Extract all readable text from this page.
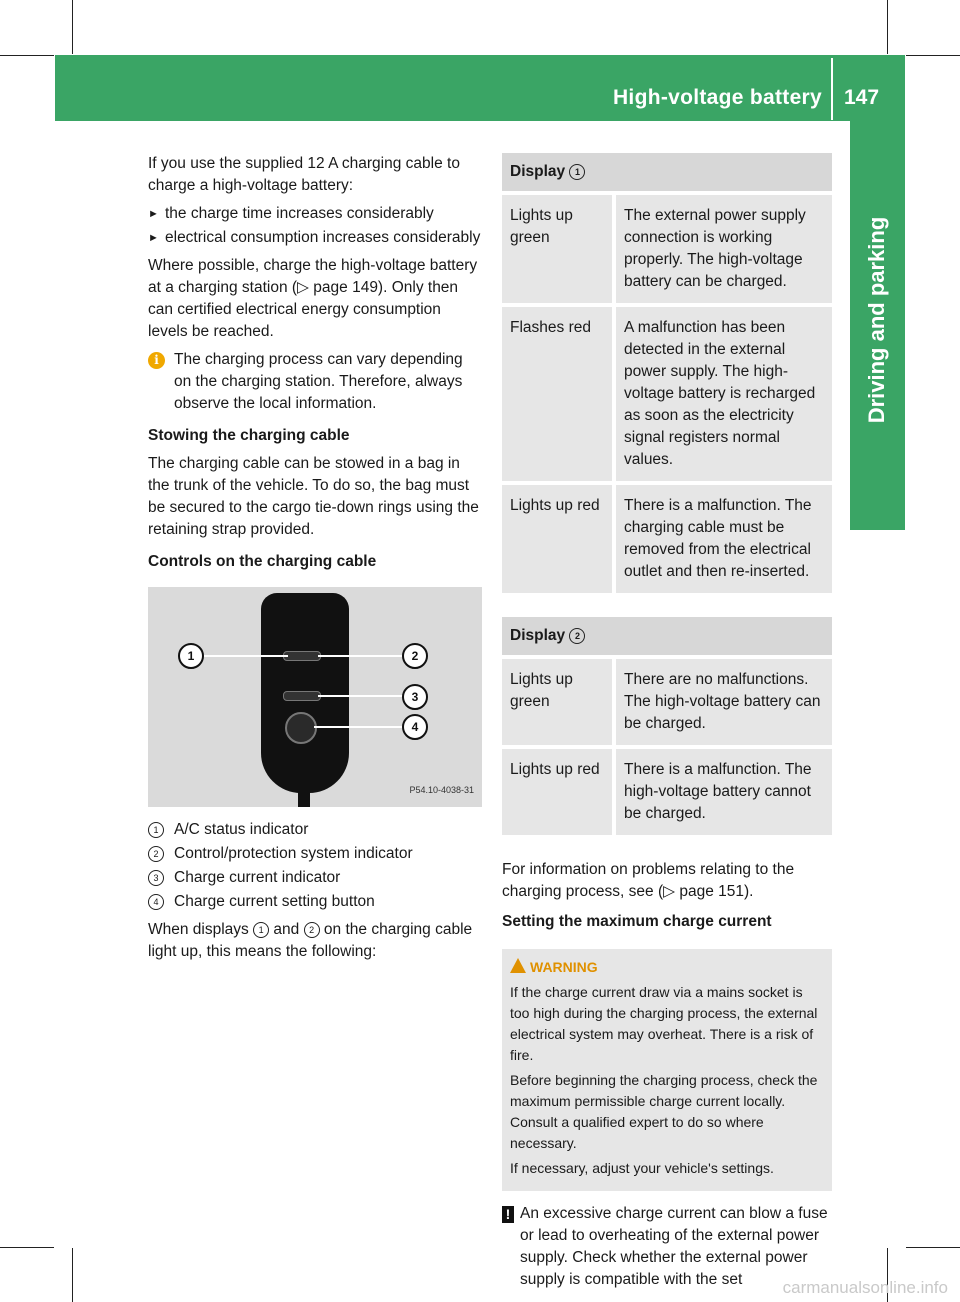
High-voltage battery 147
Driving and parking

If you use the supplied 12 A charging cable to charge a high-voltage battery:

► the charge time increases considerably
► electrical consumption increases considerably

Where possible, charge the high-voltage battery at a charging station (▷ page 149). Only then can certified electrical energy consumption levels be reached.

i The charging process can vary depending on the charging station. Therefore, always observe the local information.
Stowing the charging cable

The charging cable can be stowed in a bag in the trunk of the vehicle. To do so, the bag must be secured to the cargo tie-down rings using the retaining strap provided.

Controls on the charging cable
1	2
3
4
P54.10-4038-31
1	A/C status indicator
2	Control/protection system indicator
3	Charge current indicator
4	Charge current setting button

When displays 1 and 2 on the charging cable light up, this means the following:

Display 1	
Lights up green	The external power supply connection is working properly. The high-voltage battery can be charged.
Flashes red	A malfunction has been detected in the external power supply. The high-voltage battery is recharged as soon as the electricity signal registers normal values.
Lights up red	There is a malfunction. The charging cable must be removed from the electrical outlet and then re-inserted.
Display 2	
Lights up green	There are no malfunctions. The high-voltage battery can be charged.
Lights up red	There is a malfunction. The high-voltage battery cannot be charged.

For information on problems relating to the charging process, see (▷ page 151).

Setting the maximum charge current
WARNING

If the charge current draw via a mains socket is too high during the charging process, the external electrical system may overheat. There is a risk of fire.

Before beginning the charging process, check the maximum permissible charge current locally. Consult a qualified expert to do so where necessary.

If necessary, adjust your vehicle's settings.

! An excessive charge current can blow a fuse or lead to overheating of the external power supply. Check whether the external power supply is compatible with the set	carmanualsonline.info
